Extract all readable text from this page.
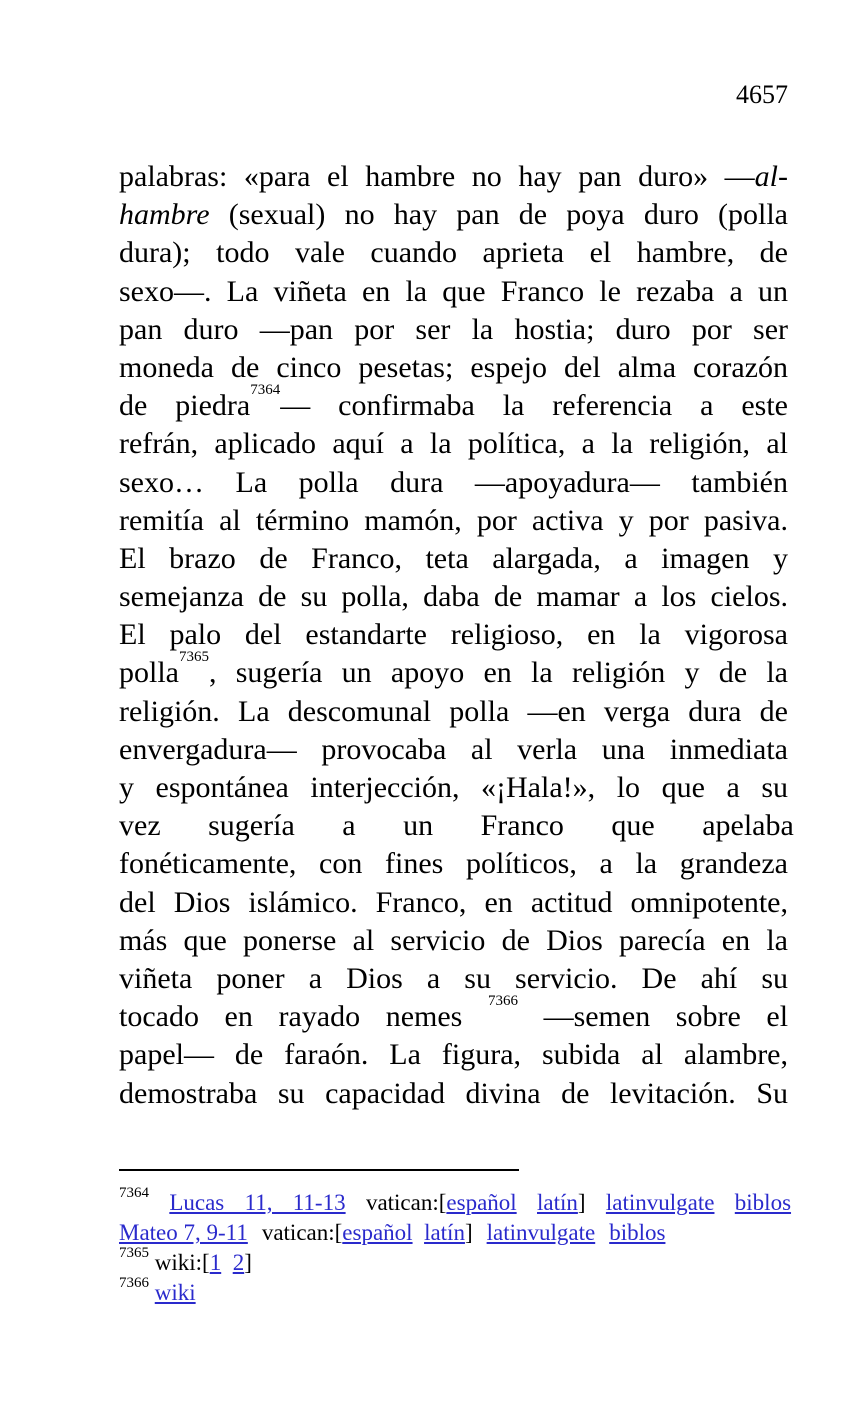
4657
palabras: «para el hambre no hay pan duro» —al-
hambre (sexual) no hay pan de poya duro (polla
dura); todo vale cuando aprieta el hambre, de
sexo—. La viñeta en la que Franco le rezaba a un
pan duro —pan por ser la hostia; duro por ser
moneda de cinco pesetas; espejo del alma corazón
de piedra$^{7364}$— confirmaba la referencia a este
refrán, aplicado aquí a la política, a la religión, al
sexo… La polla dura —apoyadura— también
remitía al término mamón, por activa y por pasiva.
El brazo de Franco, teta alargada, a imagen y
semejanza de su polla, daba de mamar a los cielos.
El palo del estandarte religioso, en la vigorosa
polla$^{7365}$, sugería un apoyo en la religión y de la
religión. La descomunal polla —en verga dura de
envergadura— provocaba al verla una inmediata
y espontánea interjección, «¡Hala!», lo que a su
vez sugería a un Franco que apelaba
fonéticamente, con fines políticos, a la grandeza
del Dios islámico. Franco, en actitud omnipotente,
más que ponerse al servicio de Dios parecía en la
viñeta poner a Dios a su servicio. De ahí su
tocado en rayado nemes $^{7366}$ —semen sobre el
papel— de faraón. La figura, subida al alambre,
demostraba su capacidad divina de levitación. Su
$^{7364}$ Lucas 11, 11-13 vatican:[español latín] latinvulgate biblos
Mateo 7, 9-11 vatican:[español latín] latinvulgate biblos
$^{7365}$ wiki:[1 2]
$^{7366}$ wiki
